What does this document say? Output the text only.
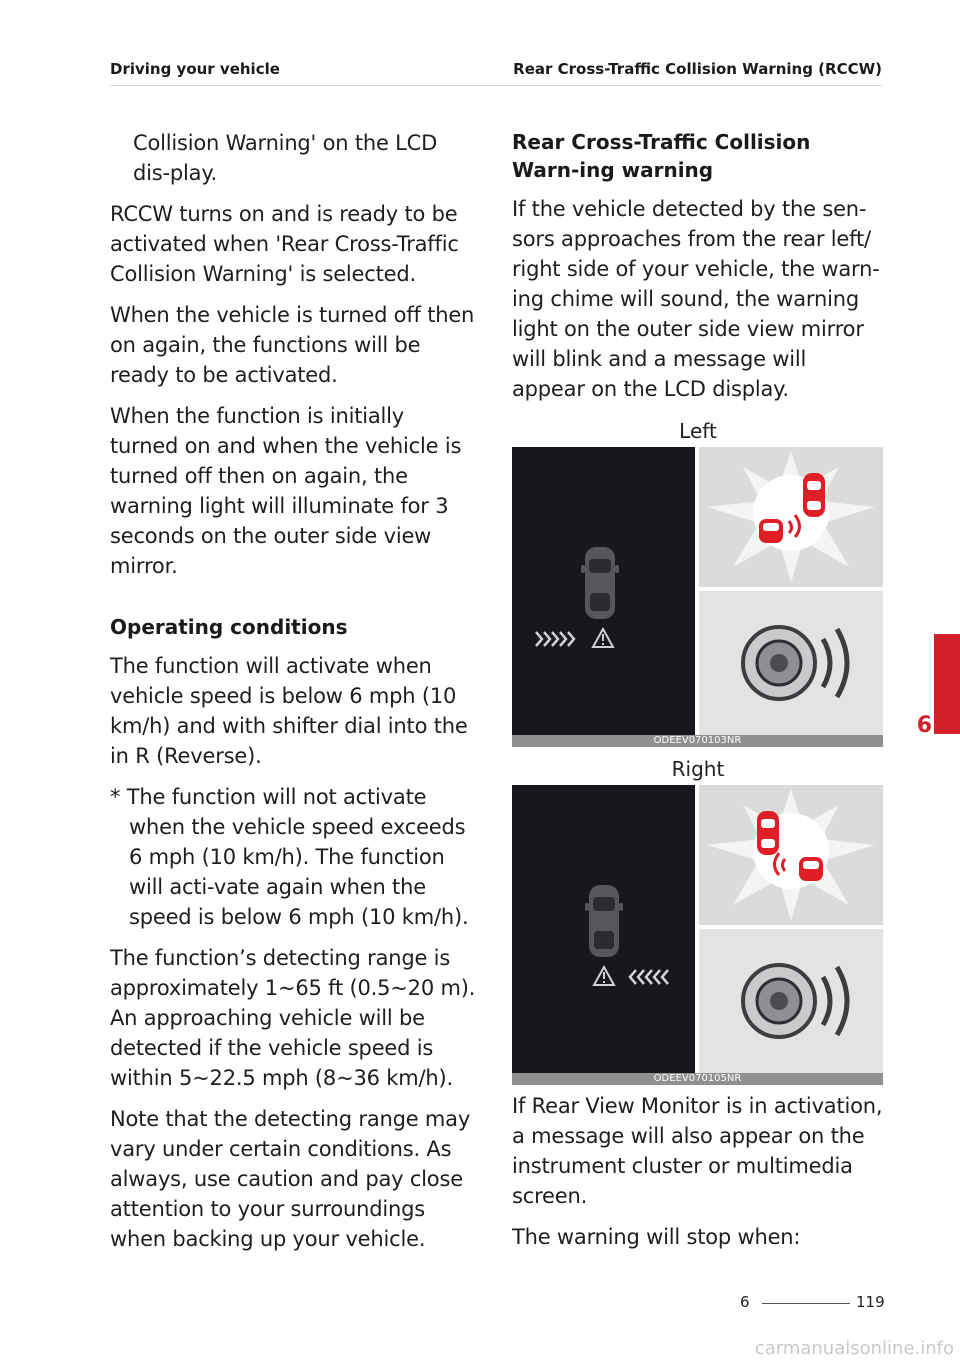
Driving your vehicle	Rear Cross-Traffic Collision Warning (RCCW)

Collision Warning' on the LCD dis-play.

RCCW turns on and is ready to be activated when 'Rear Cross-Traffic Collision Warning' is selected.

When the vehicle is turned off then on again, the functions will be ready to be activated.

When the function is initially turned on and when the vehicle is turned off then on again, the warning light will illuminate for 3 seconds on the outer side view mirror.

Operating conditions

The function will activate when vehicle speed is below 6 mph (10 km/h) and with shifter dial into the in R (Reverse).

* The function will not activate when the vehicle speed exceeds 6 mph (10 km/h). The function will acti-vate again when the speed is below 6 mph (10 km/h).

The function’s detecting range is approximately 1~65 ft (0.5~20 m). An approaching vehicle will be detected if the vehicle speed is within 5~22.5 mph (8~36 km/h).

Note that the detecting range may vary under certain conditions. As always, use caution and pay close attention to your surroundings when backing up your vehicle.

Rear Cross-Traffic Collision Warn-ing warning

If the vehicle detected by the sen-sors approaches from the rear left/ right side of your vehicle, the warn-ing chime will sound, the warning light on the outer side view mirror will blink and a message will appear on the LCD display.

Left

ODEEV070103NR

Right

ODEEV070105NR

If Rear View Monitor is in activation, a message will also appear on the instrument cluster or multimedia screen.

The warning will stop when:

6
6	119
carmanualsonline.info
